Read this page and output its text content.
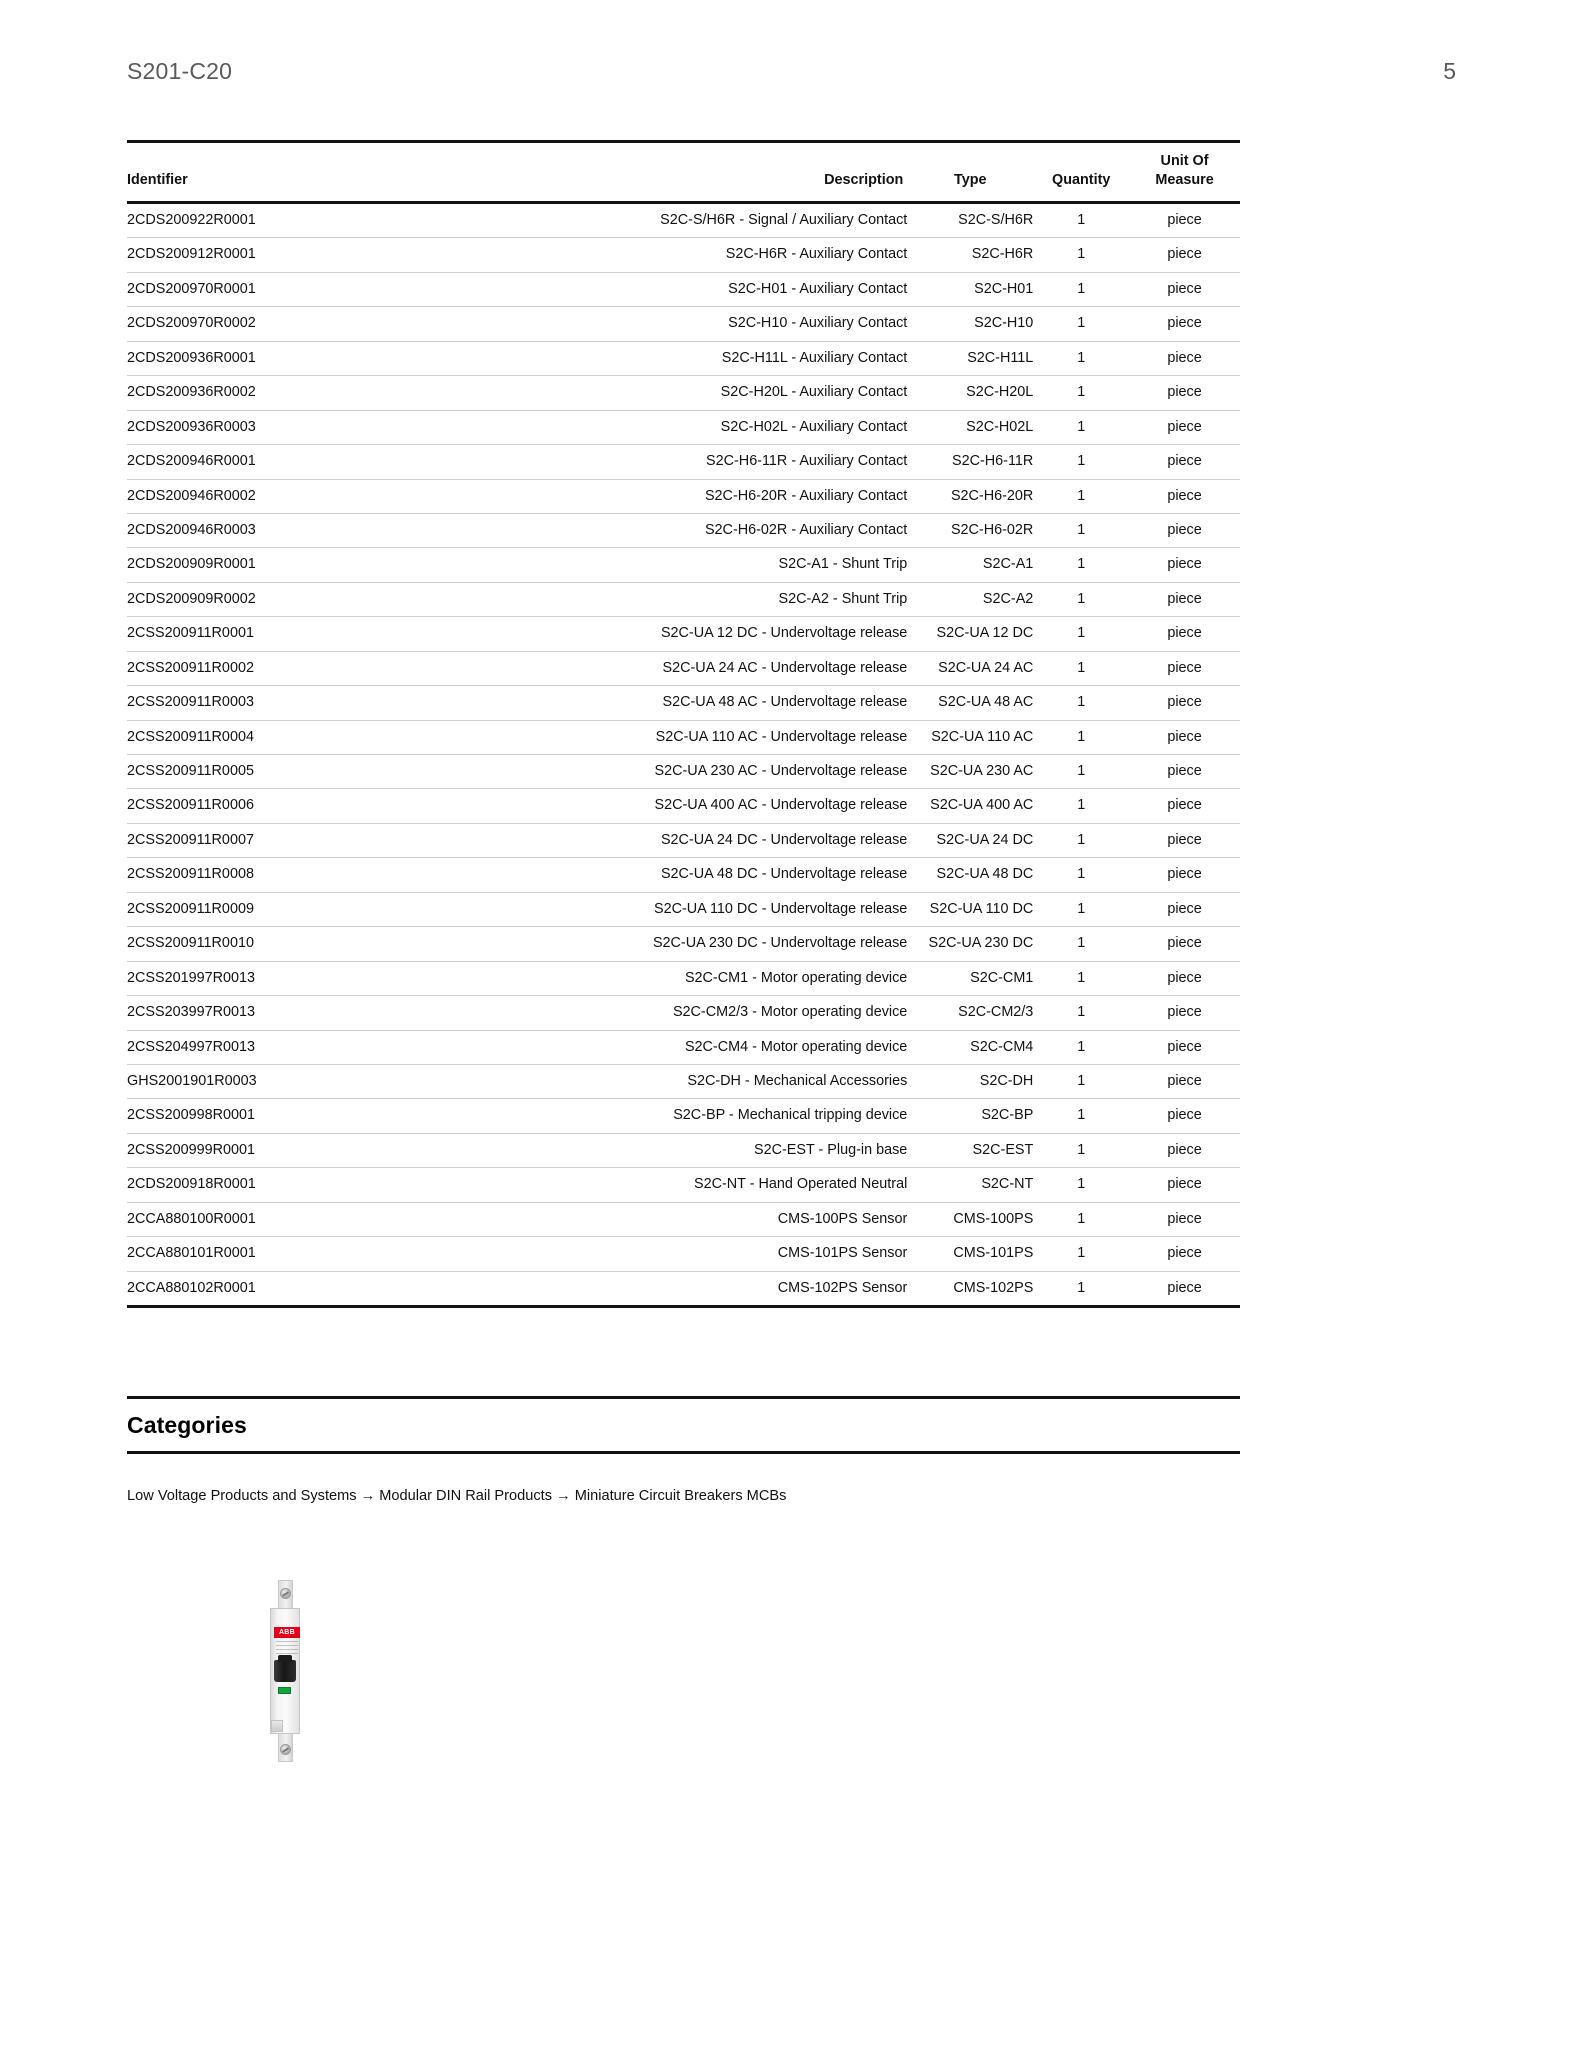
S201-C20	5
Identifier	Description	Type	Quantity	Unit Of
Measure
2CDS200922R0001	S2C-S/H6R - Signal / Auxiliary Contact	S2C-S/H6R	1	piece
2CDS200912R0001	S2C-H6R - Auxiliary Contact	S2C-H6R	1	piece
2CDS200970R0001	S2C-H01 - Auxiliary Contact	S2C-H01	1	piece
2CDS200970R0002	S2C-H10 - Auxiliary Contact	S2C-H10	1	piece
2CDS200936R0001	S2C-H11L - Auxiliary Contact	S2C-H11L	1	piece
2CDS200936R0002	S2C-H20L - Auxiliary Contact	S2C-H20L	1	piece
2CDS200936R0003	S2C-H02L - Auxiliary Contact	S2C-H02L	1	piece
2CDS200946R0001	S2C-H6-11R - Auxiliary Contact	S2C-H6-11R	1	piece
2CDS200946R0002	S2C-H6-20R - Auxiliary Contact	S2C-H6-20R	1	piece
2CDS200946R0003	S2C-H6-02R - Auxiliary Contact	S2C-H6-02R	1	piece
2CDS200909R0001	S2C-A1 - Shunt Trip	S2C-A1	1	piece
2CDS200909R0002	S2C-A2 - Shunt Trip	S2C-A2	1	piece
2CSS200911R0001	S2C-UA 12 DC - Undervoltage release	S2C-UA 12 DC	1	piece
2CSS200911R0002	S2C-UA 24 AC - Undervoltage release	S2C-UA 24 AC	1	piece
2CSS200911R0003	S2C-UA 48 AC - Undervoltage release	S2C-UA 48 AC	1	piece
2CSS200911R0004	S2C-UA 110 AC - Undervoltage release	S2C-UA 110 AC	1	piece
2CSS200911R0005	S2C-UA 230 AC - Undervoltage release	S2C-UA 230 AC	1	piece
2CSS200911R0006	S2C-UA 400 AC - Undervoltage release	S2C-UA 400 AC	1	piece
2CSS200911R0007	S2C-UA 24 DC - Undervoltage release	S2C-UA 24 DC	1	piece
2CSS200911R0008	S2C-UA 48 DC - Undervoltage release	S2C-UA 48 DC	1	piece
2CSS200911R0009	S2C-UA 110 DC - Undervoltage release	S2C-UA 110 DC	1	piece
2CSS200911R0010	S2C-UA 230 DC - Undervoltage release	S2C-UA 230 DC	1	piece
2CSS201997R0013	S2C-CM1 - Motor operating device	S2C-CM1	1	piece
2CSS203997R0013	S2C-CM2/3 - Motor operating device	S2C-CM2/3	1	piece
2CSS204997R0013	S2C-CM4 - Motor operating device	S2C-CM4	1	piece
GHS2001901R0003	S2C-DH - Mechanical Accessories	S2C-DH	1	piece
2CSS200998R0001	S2C-BP - Mechanical tripping device	S2C-BP	1	piece
2CSS200999R0001	S2C-EST - Plug-in base	S2C-EST	1	piece
2CDS200918R0001	S2C-NT - Hand Operated Neutral	S2C-NT	1	piece
2CCA880100R0001	CMS-100PS Sensor	CMS-100PS	1	piece
2CCA880101R0001	CMS-101PS Sensor	CMS-101PS	1	piece
2CCA880102R0001	CMS-102PS Sensor	CMS-102PS	1	piece
Categories
Low Voltage Products and Systems → Modular DIN Rail Products → Miniature Circuit Breakers MCBs
ABB
